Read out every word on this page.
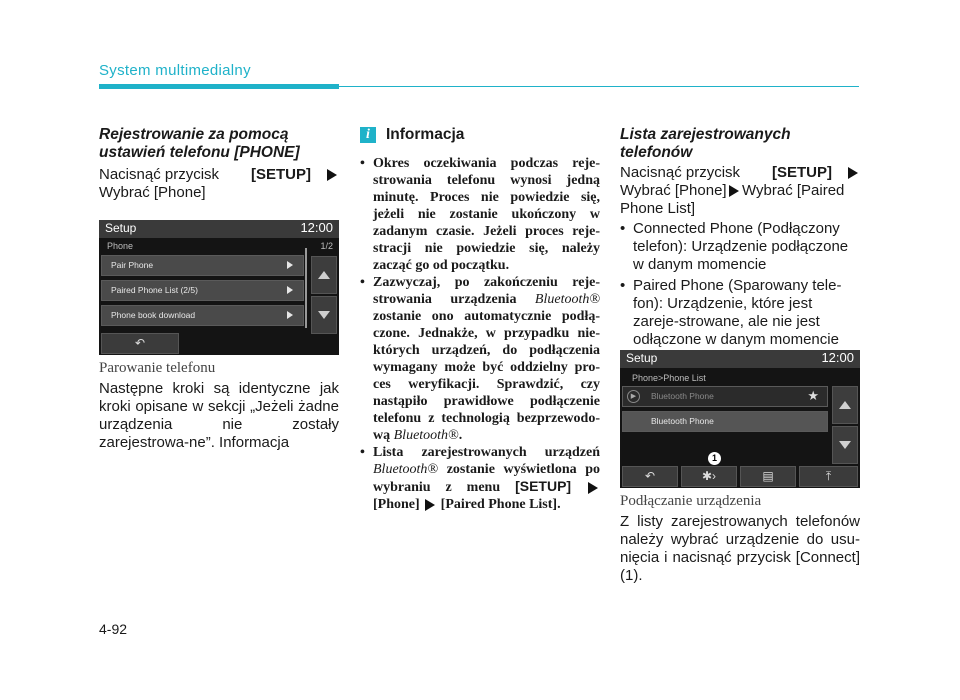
System multimedialny
Rejestrowanie za pomocą
ustawień telefonu [PHONE]
Nacisnąć przycisk [SETUP]
Wybrać [Phone]
Setup	12:00
Phone	1/2
Pair Phone
Paired Phone List (2/5)
Phone book download
↶
Parowanie telefonu
Następne kroki są identyczne jak kroki opisane w sekcji „Jeżeli żadne urządzenia nie zostały zarejestrowa-ne”. Informacja
i	Informacja
• Okres oczekiwania podczas reje-strowania telefonu wynosi jedną minutę. Proces nie powiedzie się, jeżeli nie zostanie ukończony w zadanym czasie. Jeżeli proces reje-stracji nie powiedzie się, należy zacząć go od początku.
• Zazwyczaj, po zakończeniu reje-strowania urządzenia Bluetooth® zostanie ono automatycznie podłą-czone. Jednakże, w przypadku nie-których urządzeń, do podłączenia wymagany może być oddzielny pro-ces weryfikacji. Sprawdzić, czy nastąpiło prawidłowe podłączenie telefonu z technologią bezprzewodo-wą Bluetooth®.
• Lista zarejestrowanych urządzeń Bluetooth® zostanie wyświetlona po wybraniu z menu [SETUP]  [Phone] [Paired Phone List].
Lista zarejestrowanych
telefonów
Nacisnąć przycisk [SETUP]
Wybrać [Phone] Wybrać [Paired
Phone List]
• Connected Phone (Podłączony telefon): Urządzenie podłączone w danym momencie
• Paired Phone (Sparowany tele-fon): Urządzenie, które jest zareje-strowane, ale nie jest odłączone w danym momencie
Setup	12:00
Phone>Phone List
▶	Bluetooth Phone	★
Bluetooth Phone
↶	✱›	▤	⤒
1
Podłączanie urządzenia
Z listy zarejestrowanych telefonów należy wybrać urządzenie do usu-nięcia i nacisnąć przycisk [Connect] (1).
4-92
